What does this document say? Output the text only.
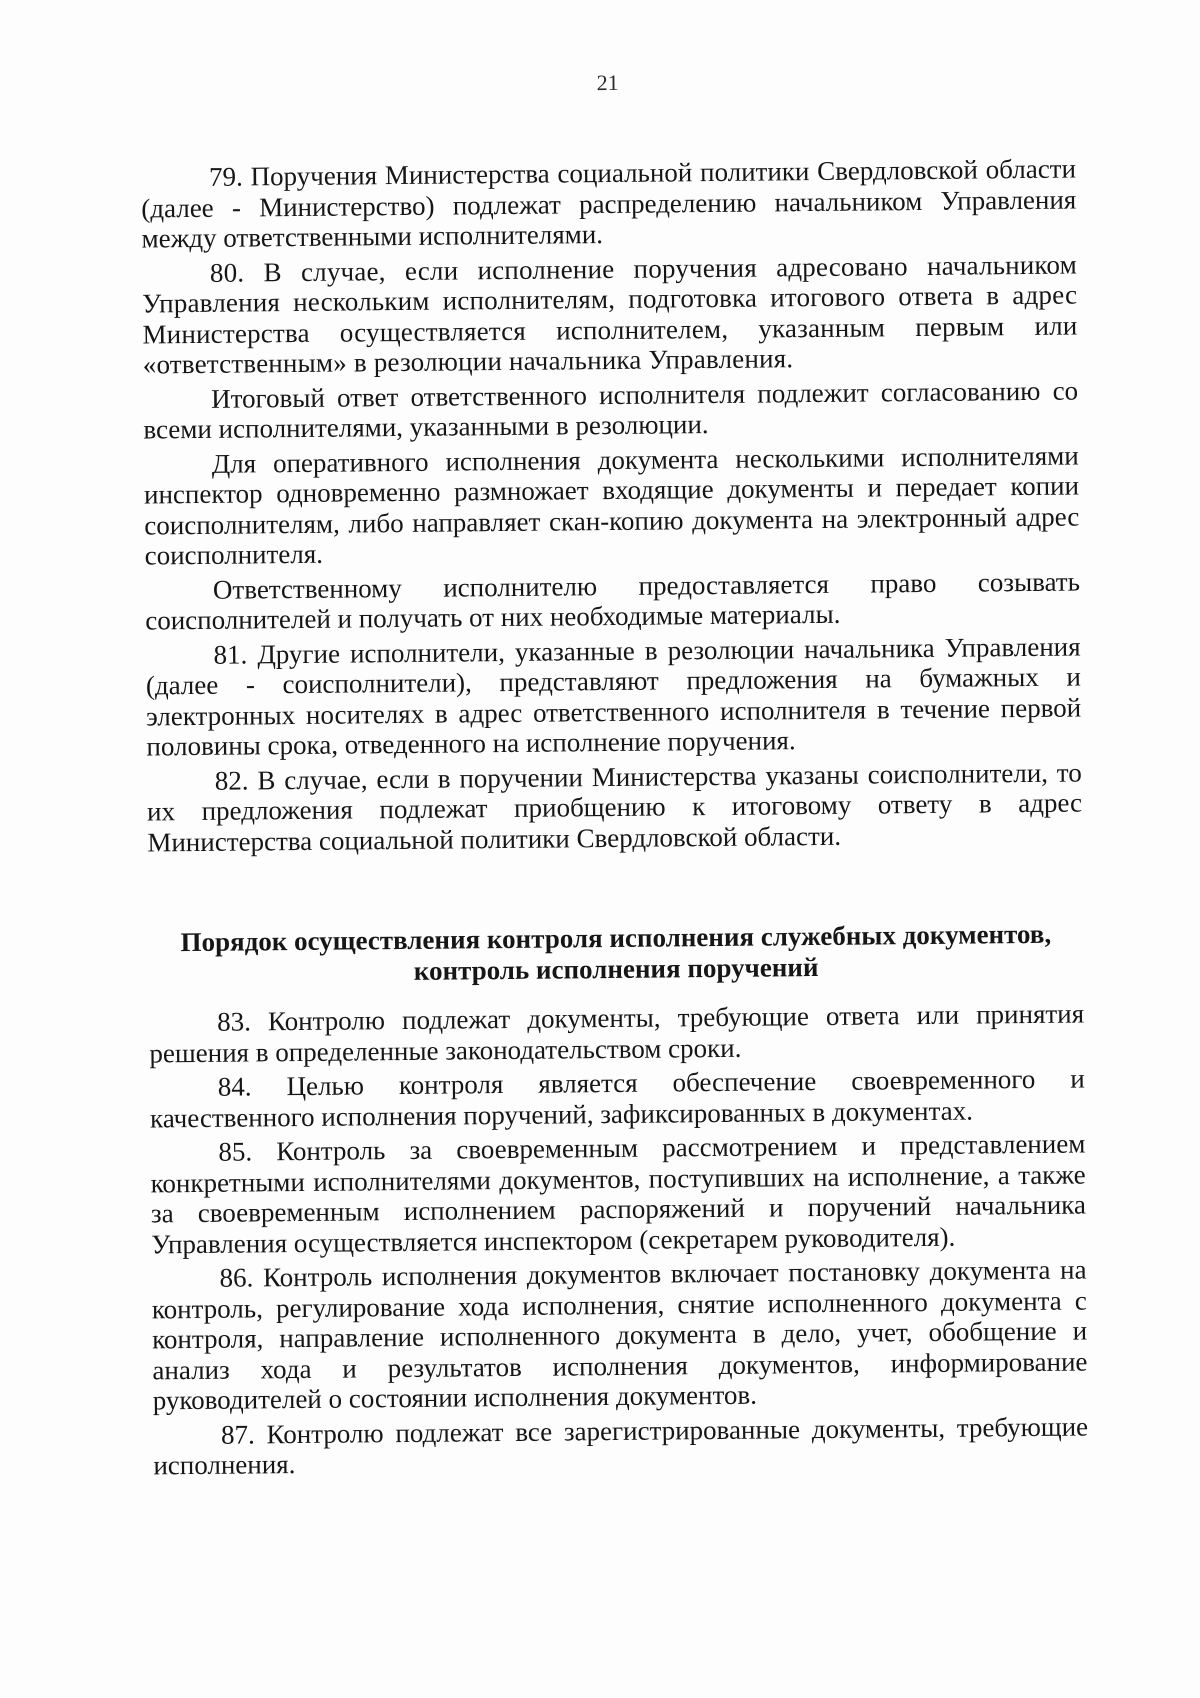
21

79. Поручения Министерства социальной политики Свердловской области (далее - Министерство) подлежат распределению начальником Управления между ответственными исполнителями.

80. В случае, если исполнение поручения адресовано начальником Управления нескольким исполнителям, подготовка итогового ответа в адрес Министерства осуществляется исполнителем, указанным первым или «ответственным» в резолюции начальника Управления.

Итоговый ответ ответственного исполнителя подлежит согласованию со всеми исполнителями, указанными в резолюции.

Для оперативного исполнения документа несколькими исполнителями инспектор одновременно размножает входящие документы и передает копии соисполнителям, либо направляет скан-копию документа на электронный адрес соисполнителя.

Ответственному исполнителю предоставляется право созывать соисполнителей и получать от них необходимые материалы.

81. Другие исполнители, указанные в резолюции начальника Управления (далее - соисполнители), представляют предложения на бумажных и электронных носителях в адрес ответственного исполнителя в течение первой половины срока, отведенного на исполнение поручения.

82. В случае, если в поручении Министерства указаны соисполнители, то их предложения подлежат приобщению к итоговому ответу в адрес Министерства социальной политики Свердловской области.

Порядок осуществления контроля исполнения служебных документов,
контроль исполнения поручений

83. Контролю подлежат документы, требующие ответа или принятия решения в определенные законодательством сроки.

84. Целью контроля является обеспечение своевременного и качественного исполнения поручений, зафиксированных в документах.

85. Контроль за своевременным рассмотрением и представлением конкретными исполнителями документов, поступивших на исполнение, а также за своевременным исполнением распоряжений и поручений начальника Управления осуществляется инспектором (секретарем руководителя).

86. Контроль исполнения документов включает постановку документа на контроль, регулирование хода исполнения, снятие исполненного документа с контроля, направление исполненного документа в дело, учет, обобщение и анализ хода и результатов исполнения документов, информирование руководителей о состоянии исполнения документов.

87. Контролю подлежат все зарегистрированные документы, требующие исполнения.
